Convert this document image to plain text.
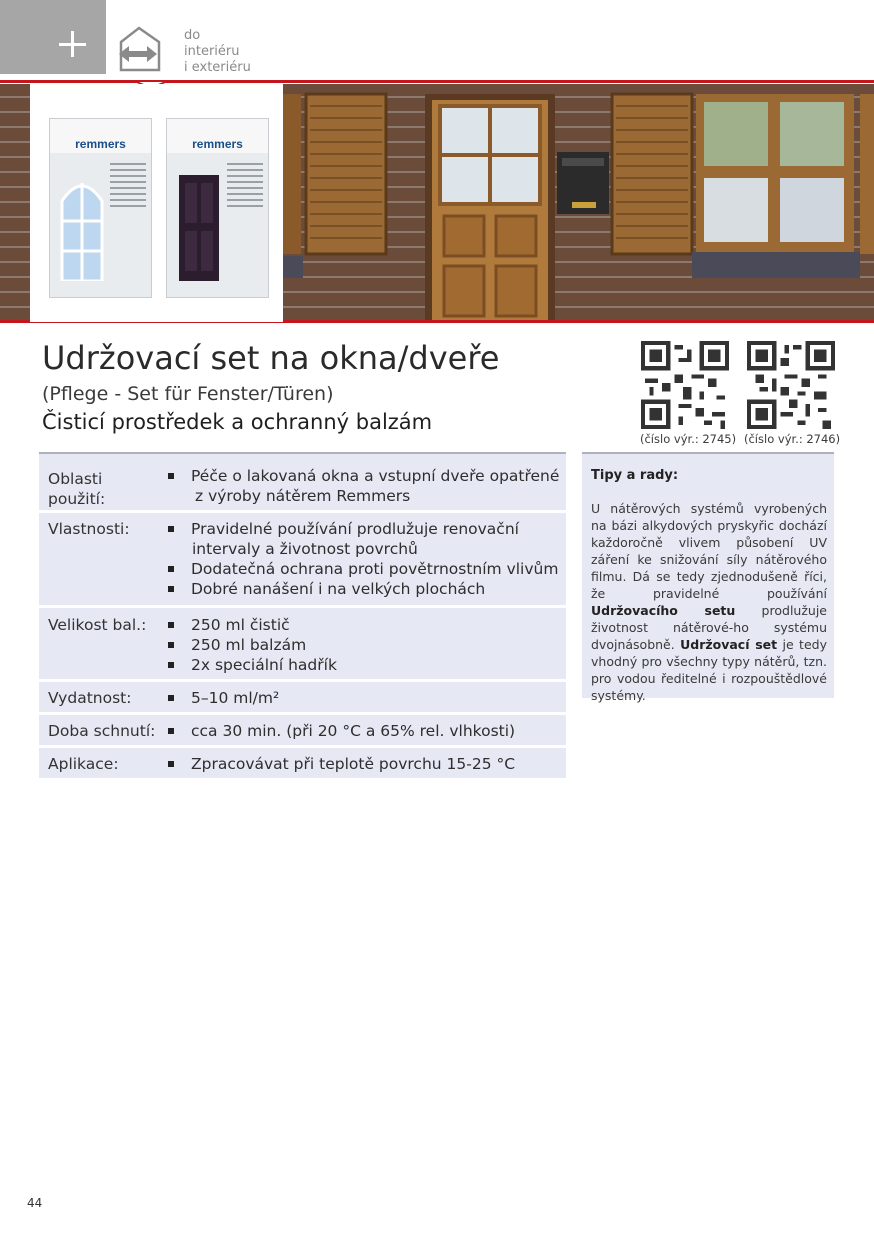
do
interiéru
i exteriéru
remmers	remmers
Udržovací set na okna/dveře
(Pflege - Set für Fenster/Türen)
Čisticí prostředek a ochranný balzám
(číslo výr.: 2745) (číslo výr.: 2746)
Oblasti použití:
Péče o lakovaná okna a vstupní dveře opatřené
z výroby nátěrem Remmers
Vlastnosti:	Pravidelné používání prodlužuje renovační
intervaly a životnost povrchů
Dodatečná ochrana proti povětrnostním vlivům
Dobré nanášení i na velkých plochách
Velikost bal.:	250 ml čistič
250 ml balzám
2x speciální hadřík
Vydatnost:	5–10 ml/m²
Doba schnutí:	cca 30 min. (při 20 °C a 65% rel. vlhkosti)
Aplikace:	Zpracovávat při teplotě povrchu 15-25 °C
Tipy a rady:
U nátěrových systémů vyrobených na bázi alkydových pryskyřic dochází každoročně vlivem působení UV záření ke snižování síly nátěrového filmu. Dá se tedy zjednodušeně říci, že pravidelné používání Udržovacího setu prodlužuje životnost nátěrové-ho systému dvojnásobně. Udržovací set je tedy vhodný pro všechny typy nátěrů, tzn. pro vodou ředitelné i rozpouštědlové systémy.
44
